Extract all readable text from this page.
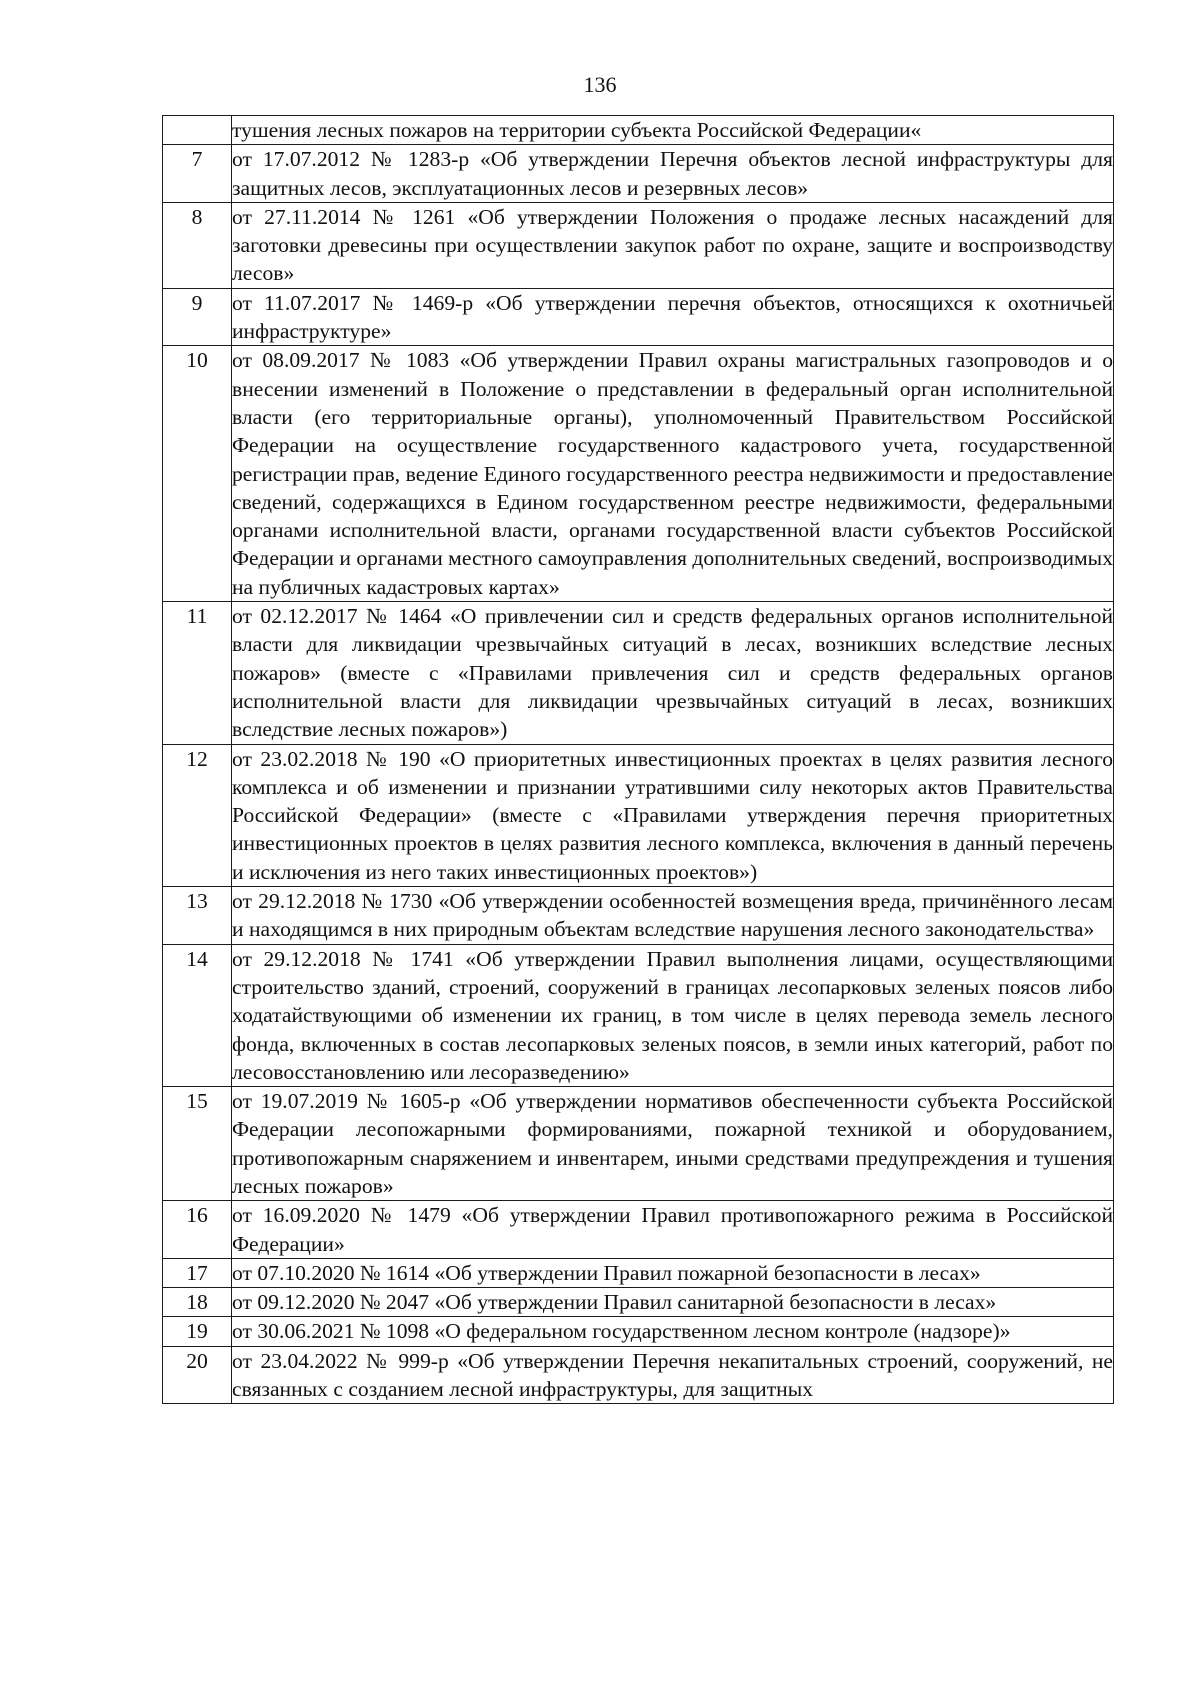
136

	тушения лесных пожаров на территории субъекта Российской Федерации«

7	от 17.07.2012 № 1283-р «Об утверждении Перечня объектов лесной инфраструктуры для защитных лесов, эксплуатационных лесов и резервных лесов»

8	от 27.11.2014 № 1261 «Об утверждении Положения о продаже лесных насаждений для заготовки древесины при осуществлении закупок работ по охране, защите и воспроизводству лесов»

9	от 11.07.2017 № 1469-р «Об утверждении перечня объектов, относящихся к охотничьей инфраструктуре»

10	от 08.09.2017 № 1083 «Об утверждении Правил охраны магистральных газопроводов и о внесении изменений в Положение о представлении в федеральный орган исполнительной власти (его территориальные органы), уполномоченный Правительством Российской Федерации на осуществление государственного кадастрового учета, государственной регистрации прав, ведение Единого государственного реестра недвижимости и предоставление сведений, содержащихся в Едином государственном реестре недвижимости, федеральными органами исполнительной власти, органами государственной власти субъектов Российской Федерации и органами местного самоуправления дополнительных сведений, воспроизводимых на публичных кадастровых картах»

11	от 02.12.2017 № 1464 «О привлечении сил и средств федеральных органов исполнительной власти для ликвидации чрезвычайных ситуаций в лесах, возникших вследствие лесных пожаров» (вместе с «Правилами привлечения сил и средств федеральных органов исполнительной власти для ликвидации чрезвычайных ситуаций в лесах, возникших вследствие лесных пожаров»)

12	от 23.02.2018 № 190 «О приоритетных инвестиционных проектах в целях развития лесного комплекса и об изменении и признании утратившими силу некоторых актов Правительства Российской Федерации» (вместе с «Правилами утверждения перечня приоритетных инвестиционных проектов в целях развития лесного комплекса, включения в данный перечень и исключения из него таких инвестиционных проектов»)

13	от 29.12.2018 № 1730 «Об утверждении особенностей возмещения вреда, причинённого лесам и находящимся в них природным объектам вследствие нарушения лесного законодательства»

14	от 29.12.2018 № 1741 «Об утверждении Правил выполнения лицами, осуществляющими строительство зданий, строений, сооружений в границах лесопарковых зеленых поясов либо ходатайствующими об изменении их границ, в том числе в целях перевода земель лесного фонда, включенных в состав лесопарковых зеленых поясов, в земли иных категорий, работ по лесовосстановлению или лесоразведению»

15	от 19.07.2019 № 1605-р «Об утверждении нормативов обеспеченности субъекта Российской Федерации лесопожарными формированиями, пожарной техникой и оборудованием, противопожарным снаряжением и инвентарем, иными средствами предупреждения и тушения лесных пожаров»

16	от 16.09.2020 № 1479 «Об утверждении Правил противопожарного режима в Российской Федерации»

17	от 07.10.2020 № 1614 «Об утверждении Правил пожарной безопасности в лесах»

18	от 09.12.2020 № 2047 «Об утверждении Правил санитарной безопасности в лесах»

19	от 30.06.2021 № 1098 «О федеральном государственном лесном контроле (надзоре)»

20	от 23.04.2022 № 999-р «Об утверждении Перечня некапитальных строений, сооружений, не связанных с созданием лесной инфраструктуры, для защитных
